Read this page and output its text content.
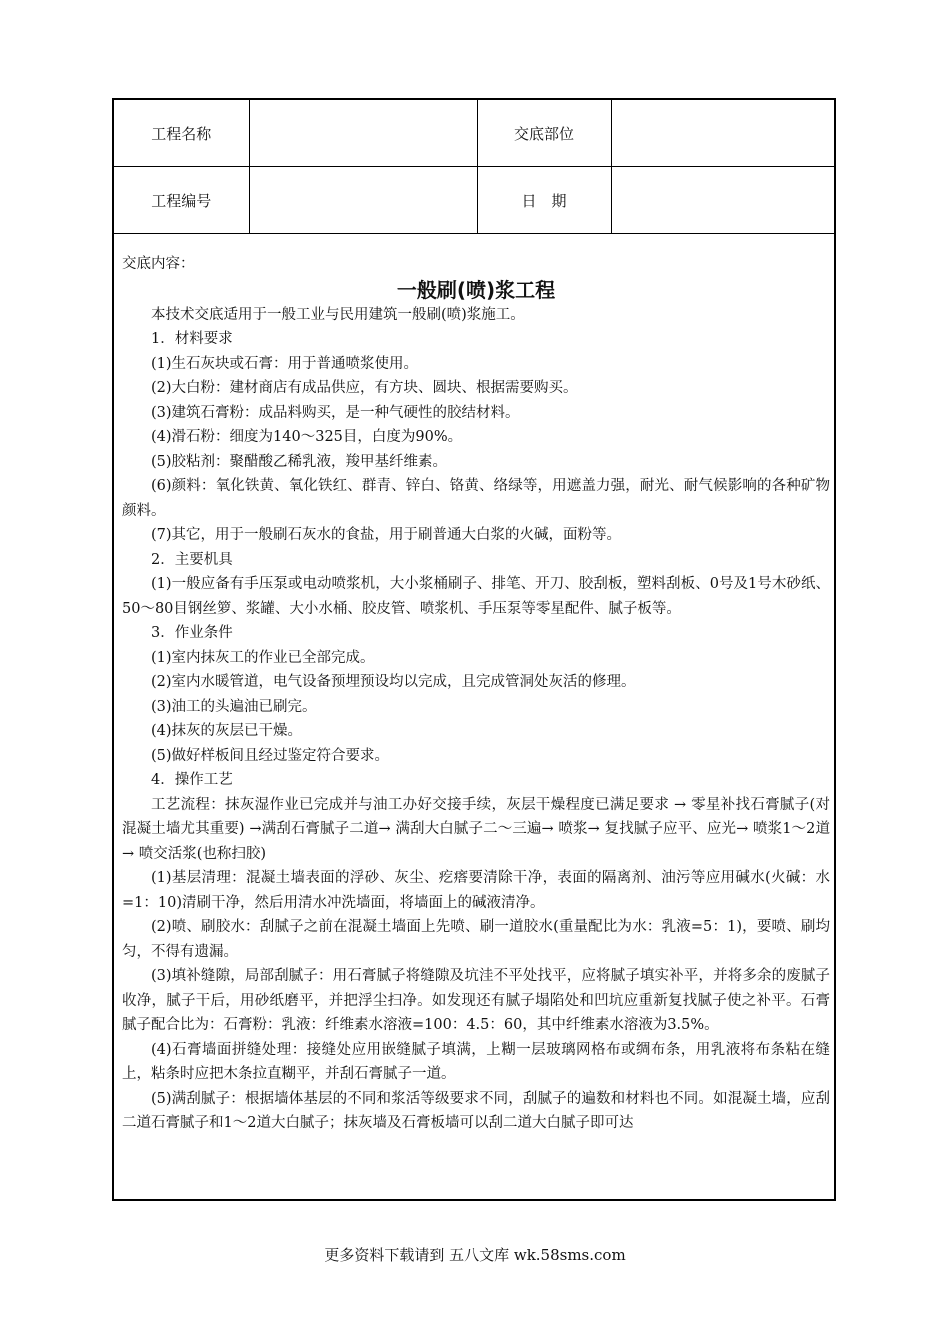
工程名称		交底部位	
工程编号		日　期	

交底内容：

一般刷(喷)浆工程

本技术交底适用于一般工业与民用建筑一般刷(喷)浆施工。

1．材料要求

(1)生石灰块或石膏：用于普通喷浆使用。

(2)大白粉：建材商店有成品供应，有方块、圆块、根据需要购买。

(3)建筑石膏粉：成品料购买，是一种气硬性的胶结材料。

(4)滑石粉：细度为140～325目，白度为90%。

(5)胶粘剂：聚醋酸乙稀乳液，羧甲基纤维素。

(6)颜料：氧化铁黄、氧化铁红、群青、锌白、铬黄、络绿等，用遮盖力强，耐光、耐气候影响的各种矿物颜料。

(7)其它，用于一般刷石灰水的食盐，用于刷普通大白浆的火碱，面粉等。

2．主要机具

(1)一般应备有手压泵或电动喷浆机，大小浆桶刷子、排笔、开刀、胶刮板，塑料刮板、0号及1号木砂纸、50～80目钢丝箩、浆罐、大小水桶、胶皮管、喷浆机、手压泵等零星配件、腻子板等。

3．作业条件

(1)室内抹灰工的作业已全部完成。

(2)室内水暖管道，电气设备预埋预设均以完成，且完成管洞处灰活的修理。

(3)油工的头遍油已刷完。

(4)抹灰的灰层已干燥。

(5)做好样板间且经过鉴定符合要求。

4．操作工艺

工艺流程：抹灰湿作业已完成并与油工办好交接手续，灰层干燥程度已满足要求 → 零星补找石膏腻子(对混凝土墙尤其重要) →满刮石膏腻子二道→ 满刮大白腻子二～三遍→ 喷浆→ 复找腻子应平、应光→ 喷浆1～2道→ 喷交活浆(也称扫胶)

(1)基层清理：混凝土墙表面的浮砂、灰尘、疙瘩要清除干净，表面的隔离剂、油污等应用碱水(火碱：水=1：10)清刷干净，然后用清水冲洗墙面，将墙面上的碱液清净。

(2)喷、刷胶水：刮腻子之前在混凝土墙面上先喷、刷一道胶水(重量配比为水：乳液=5：1)，要喷、刷均匀，不得有遗漏。

(3)填补缝隙，局部刮腻子：用石膏腻子将缝隙及坑洼不平处找平，应将腻子填实补平，并将多余的废腻子收净，腻子干后，用砂纸磨平，并把浮尘扫净。如发现还有腻子塌陷处和凹坑应重新复找腻子使之补平。石膏腻子配合比为：石膏粉：乳液：纤维素水溶液=100：4.5：60，其中纤维素水溶液为3.5%。

(4)石膏墙面拼缝处理：接缝处应用嵌缝腻子填满，上糊一层玻璃网格布或绸布条，用乳液将布条粘在缝上，粘条时应把木条拉直糊平，并刮石膏腻子一道。

(5)满刮腻子：根据墙体基层的不同和浆活等级要求不同，刮腻子的遍数和材料也不同。如混凝土墙，应刮二道石膏腻子和1～2道大白腻子；抹灰墙及石膏板墙可以刮二道大白腻子即可达

更多资料下载请到 五八文库 wk.58sms.com
